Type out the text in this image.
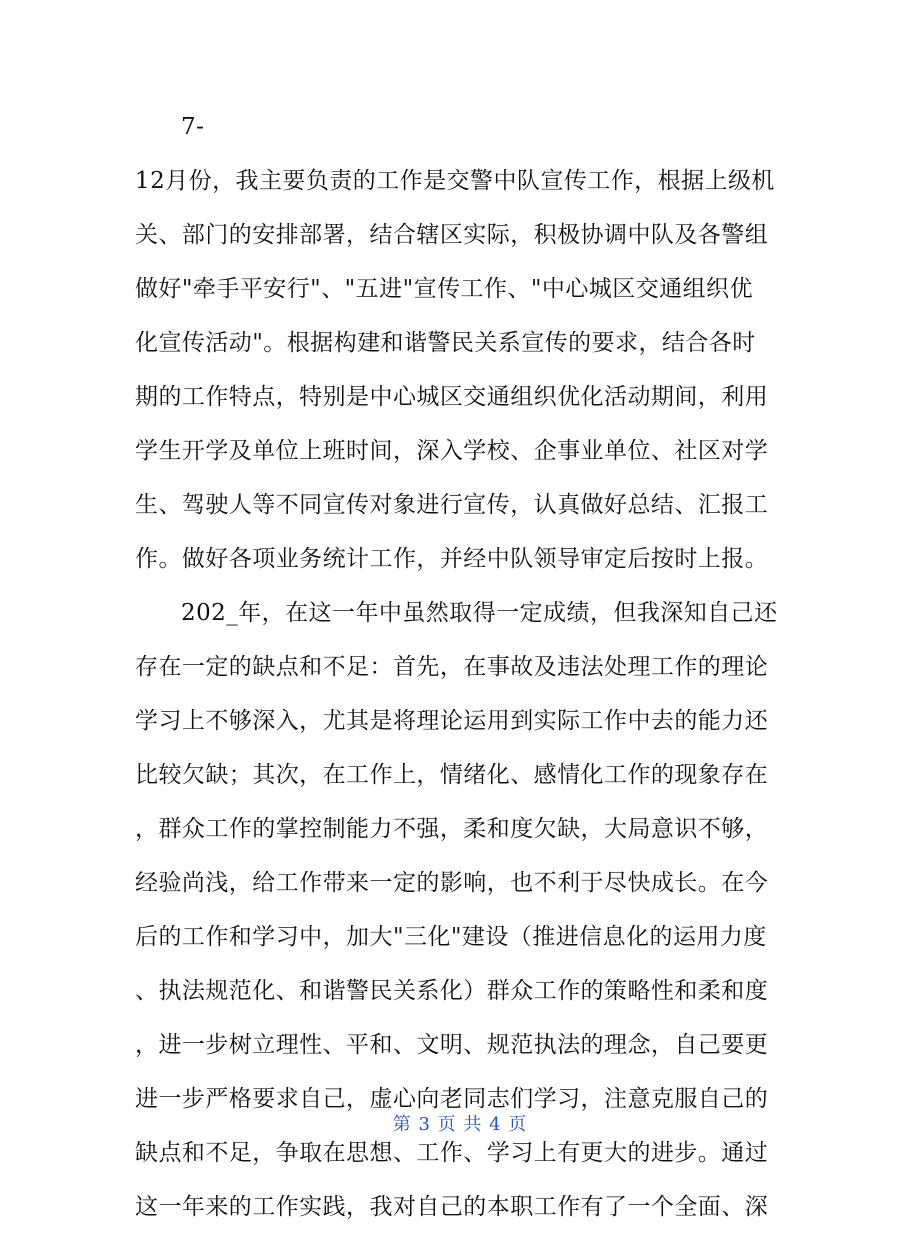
7-
12月份，我主要负责的工作是交警中队宣传工作，根据上级机
关、部门的安排部署，结合辖区实际，积极协调中队及各警组
做好"牵手平安行"、"五进"宣传工作、"中心城区交通组织优
化宣传活动"。根据构建和谐警民关系宣传的要求，结合各时
期的工作特点，特别是中心城区交通组织优化活动期间，利用
学生开学及单位上班时间，深入学校、企事业单位、社区对学
生、驾驶人等不同宣传对象进行宣传，认真做好总结、汇报工
作。做好各项业务统计工作，并经中队领导审定后按时上报。
202_年，在这一年中虽然取得一定成绩，但我深知自己还
存在一定的缺点和不足：首先，在事故及违法处理工作的理论
学习上不够深入，尤其是将理论运用到实际工作中去的能力还
比较欠缺；其次，在工作上，情绪化、感情化工作的现象存在
，群众工作的掌控制能力不强，柔和度欠缺，大局意识不够，
经验尚浅，给工作带来一定的影响，也不利于尽快成长。在今
后的工作和学习中，加大"三化"建设（推进信息化的运用力度
、执法规范化、和谐警民关系化）群众工作的策略性和柔和度
，进一步树立理性、平和、文明、规范执法的理念，自己要更
进一步严格要求自己，虚心向老同志们学习，注意克服自己的
缺点和不足，争取在思想、工作、学习上有更大的进步。通过
这一年来的工作实践，我对自己的本职工作有了一个全面、深
第 3 页 共 4 页
